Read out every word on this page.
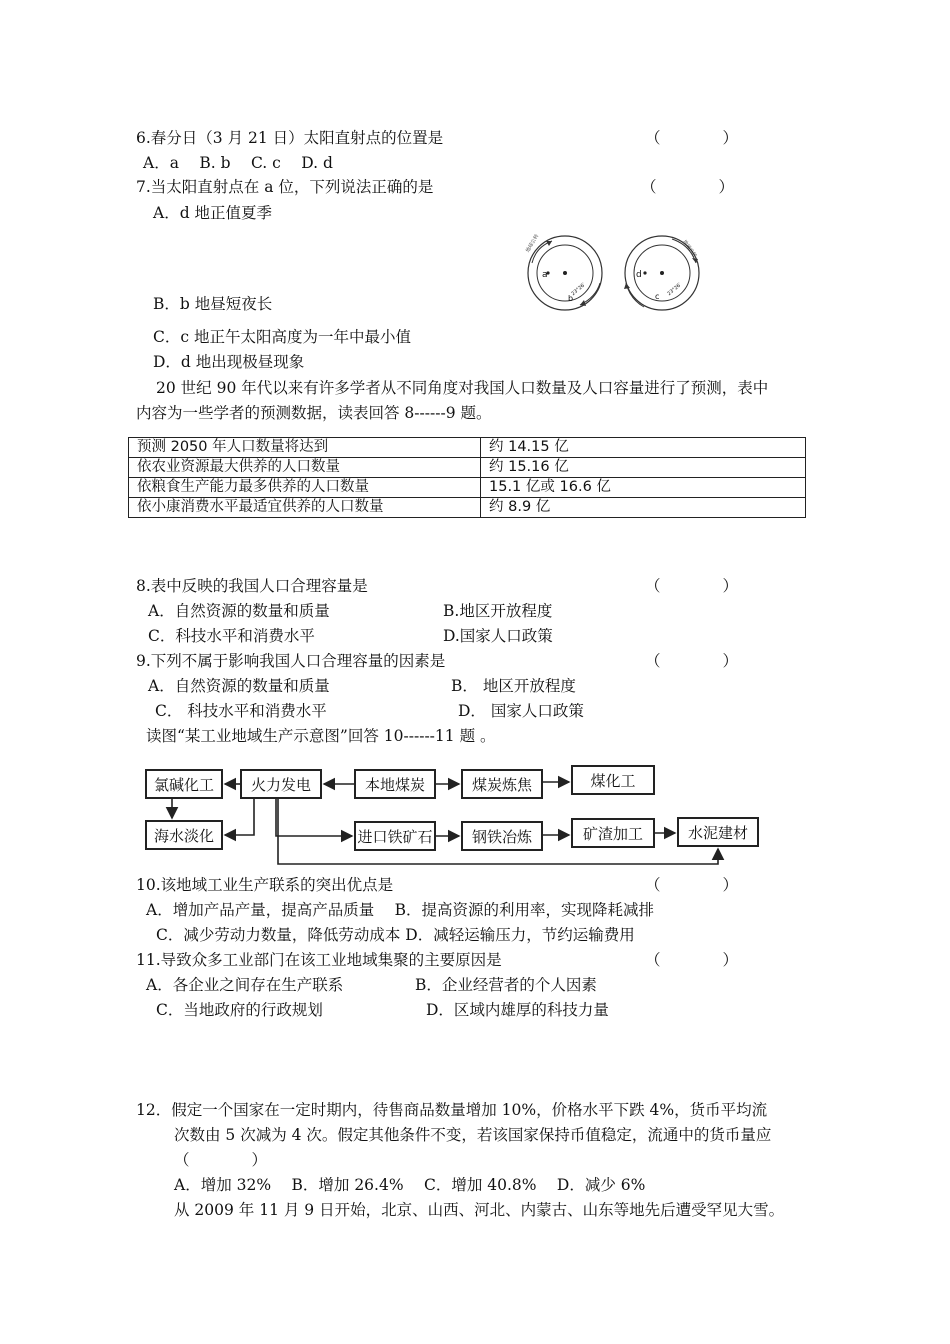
6.春分日（3 月 21 日）太阳直射点的位置是	（　　　　）
A．a　 B. b　 C. c　 D. d
7.当太阳直射点在 a 位，下列说法正确的是	（　　　　）
A．d 地正值夏季
B．b 地昼短夜长
C．c 地正午太阳高度为一年中最小值
D．d 地出现极昼现象
地球公转
a
b
23°26′
地球自转
d
c 23°26′
20 世纪 90 年代以来有许多学者从不同角度对我国人口数量及人口容量进行了预测，表中
内容为一些学者的预测数据，读表回答 8------9 题。
预测 2050 年人口数量将达到	约 14.15 亿
依农业资源最大供养的人口数量	约 15.16 亿
依粮食生产能力最多供养的人口数量	15.1 亿或 16.6 亿
依小康消费水平最适宜供养的人口数量	约 8.9 亿
8.表中反映的我国人口合理容量是	（　　　　）
A．自然资源的数量和质量	B.地区开放程度
C．科技水平和消费水平	D.国家人口政策
9.下列不属于影响我国人口合理容量的因素是	（　　　　）
A．自然资源的数量和质量	B． 地区开放程度
C． 科技水平和消费水平	D． 国家人口政策
读图“某工业地域生产示意图”回答 10------11 题 。
氯碱化工 火力发电	本地煤炭	煤炭炼焦	煤化工
海水淡化	进口铁矿石	钢铁冶炼	矿渣加工	水泥建材
10.该地域工业生产联系的突出优点是	（　　　　）
A．增加产品产量，提高产品质量　 B．提高资源的利用率，实现降耗减排
C．减少劳动力数量，降低劳动成本 D．减轻运输压力，节约运输费用
11.导致众多工业部门在该工业地域集聚的主要原因是	（　　　　）
A．各企业之间存在生产联系	B．企业经营者的个人因素
C．当地政府的行政规划	D．区域内雄厚的科技力量
12．假定一个国家在一定时期内，待售商品数量增加 10%，价格水平下跌 4%，货币平均流
次数由 5 次减为 4 次。假定其他条件不变，若该国家保持币值稳定，流通中的货币量应
（　　　　）
A．增加 32%　 B．增加 26.4%　 C．增加 40.8%　 D．减少 6%
从 2009 年 11 月 9 日开始，北京、山西、河北、内蒙古、山东等地先后遭受罕见大雪。
